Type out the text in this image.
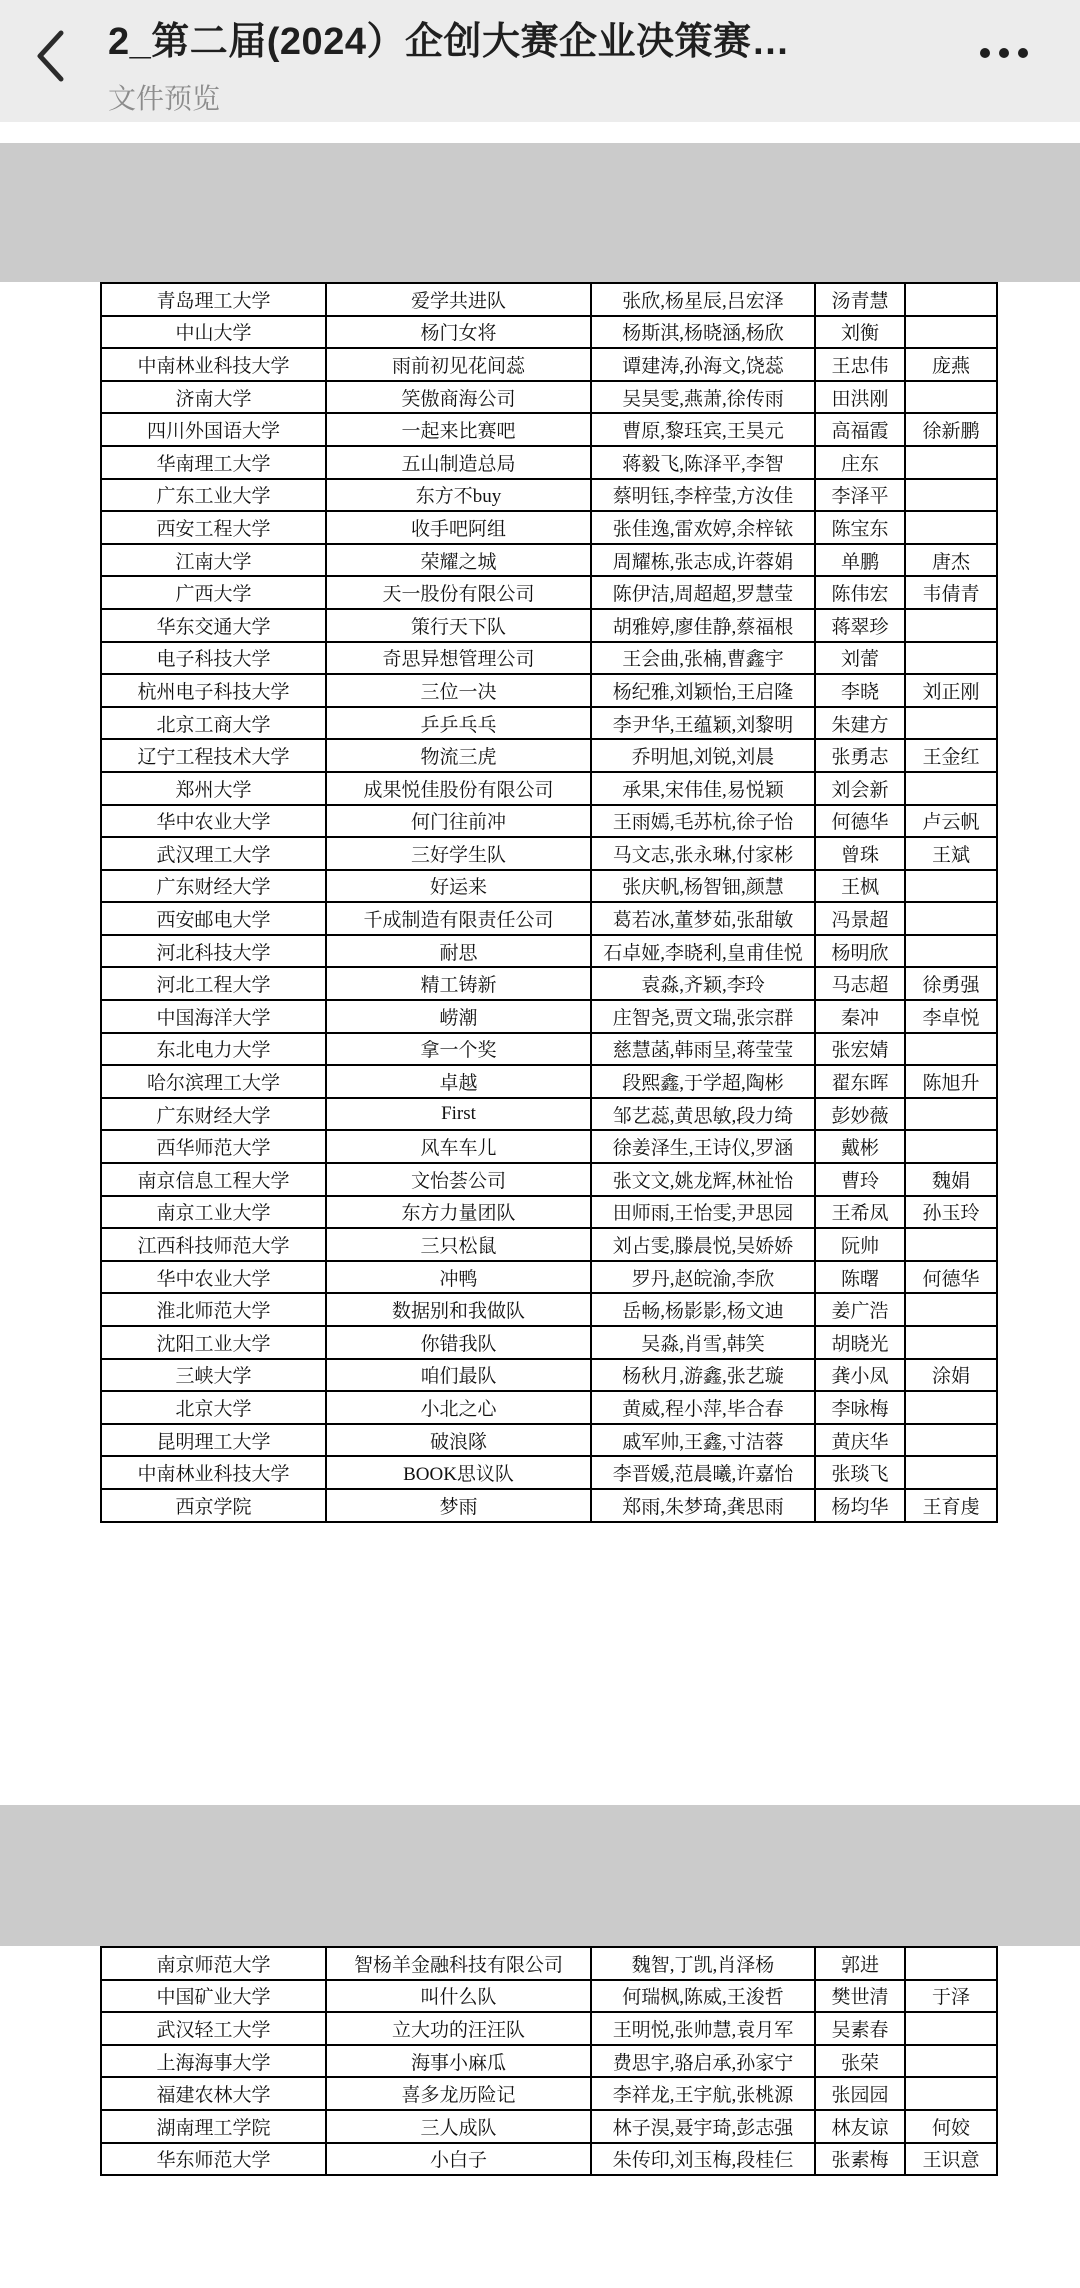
2_第二届(2024）企创大赛企业决策赛…
文件预览
青岛理工大学	爱学共进队	张欣,杨星辰,吕宏泽	汤青慧	
中山大学	杨门女将	杨斯淇,杨晓涵,杨欣	刘衡	
中南林业科技大学	雨前初见花间蕊	谭建涛,孙海文,饶蕊	王忠伟	庞燕
济南大学	笑傲商海公司	吴昊雯,燕萧,徐传雨	田洪刚	
四川外国语大学	一起来比赛吧	曹原,黎珏宾,王昊元	高福霞	徐新鹏
华南理工大学	五山制造总局	蒋毅飞,陈泽平,李智	庄东	
广东工业大学	东方不buy	蔡明钰,李梓莹,方汝佳	李泽平	
西安工程大学	收手吧阿组	张佳逸,雷欢婷,余梓铱	陈宝东	
江南大学	荣耀之城	周耀栋,张志成,许蓉娟	单鹏	唐杰
广西大学	天一股份有限公司	陈伊洁,周超超,罗慧莹	陈伟宏	韦倩青
华东交通大学	策行天下队	胡雅婷,廖佳静,蔡福根	蒋翠珍	
电子科技大学	奇思异想管理公司	王会曲,张楠,曹鑫宇	刘蕾	
杭州电子科技大学	三位一决	杨纪雅,刘颖怡,王启隆	李晓	刘正刚
北京工商大学	乒乒乓乓	李尹华,王蕴颖,刘黎明	朱建方	
辽宁工程技术大学	物流三虎	乔明旭,刘锐,刘晨	张勇志	王金红
郑州大学	成果悦佳股份有限公司	承果,宋伟佳,易悦颖	刘会新	
华中农业大学	何门往前冲	王雨嫣,毛苏杭,徐子怡	何德华	卢云帆
武汉理工大学	三好学生队	马文志,张永琳,付家彬	曾珠	王斌
广东财经大学	好运来	张庆帆,杨智钿,颜慧	王枫	
西安邮电大学	千成制造有限责任公司	葛若冰,董梦茹,张甜敏	冯景超	
河北科技大学	耐思	石卓娅,李晓利,皇甫佳悦	杨明欣	
河北工程大学	精工铸新	袁淼,齐颖,李玲	马志超	徐勇强
中国海洋大学	崂潮	庄智尧,贾文瑞,张宗群	秦冲	李卓悦
东北电力大学	拿一个奖	慈慧菡,韩雨呈,蒋莹莹	张宏婧	
哈尔滨理工大学	卓越	段熙鑫,于学超,陶彬	翟东晖	陈旭升
广东财经大学	First	邹艺蕊,黄思敏,段力绮	彭妙薇	
西华师范大学	风车车儿	徐姜泽生,王诗仪,罗涵	戴彬	
南京信息工程大学	文怡荟公司	张文文,姚龙辉,林祉怡	曹玲	魏娟
南京工业大学	东方力量团队	田师雨,王怡雯,尹思园	王希凤	孙玉玲
江西科技师范大学	三只松鼠	刘占雯,滕晨悦,吴娇娇	阮帅	
华中农业大学	冲鸭	罗丹,赵皖渝,李欣	陈曙	何德华
淮北师范大学	数据别和我做队	岳畅,杨影影,杨文迪	姜广浩	
沈阳工业大学	你错我队	吴淼,肖雪,韩笑	胡晓光	
三峡大学	咱们最队	杨秋月,游鑫,张艺璇	龚小凤	涂娟
北京大学	小北之心	黄威,程小萍,毕合春	李咏梅	
昆明理工大学	破浪隊	戚军帅,王鑫,寸洁蓉	黄庆华	
中南林业科技大学	BOOK思议队	李晋媛,范晨曦,许嘉怡	张琰飞	
西京学院	梦雨	郑雨,朱梦琦,龚思雨	杨均华	王育虔
南京师范大学	智杨羊金融科技有限公司	魏智,丁凯,肖泽杨	郭进	
中国矿业大学	叫什么队	何瑞枫,陈威,王浚哲	樊世清	于泽
武汉轻工大学	立大功的汪汪队	王明悦,张帅慧,袁月军	吴素春	
上海海事大学	海事小麻瓜	费思宇,骆启承,孙家宁	张荣	
福建农林大学	喜多龙历险记	李祥龙,王宇航,张桃源	张园园	
湖南理工学院	三人成队	林子淏,聂宇琦,彭志强	林友谅	何姣
华东师范大学	小白子	朱传印,刘玉梅,段桂仨	张素梅	王识意
